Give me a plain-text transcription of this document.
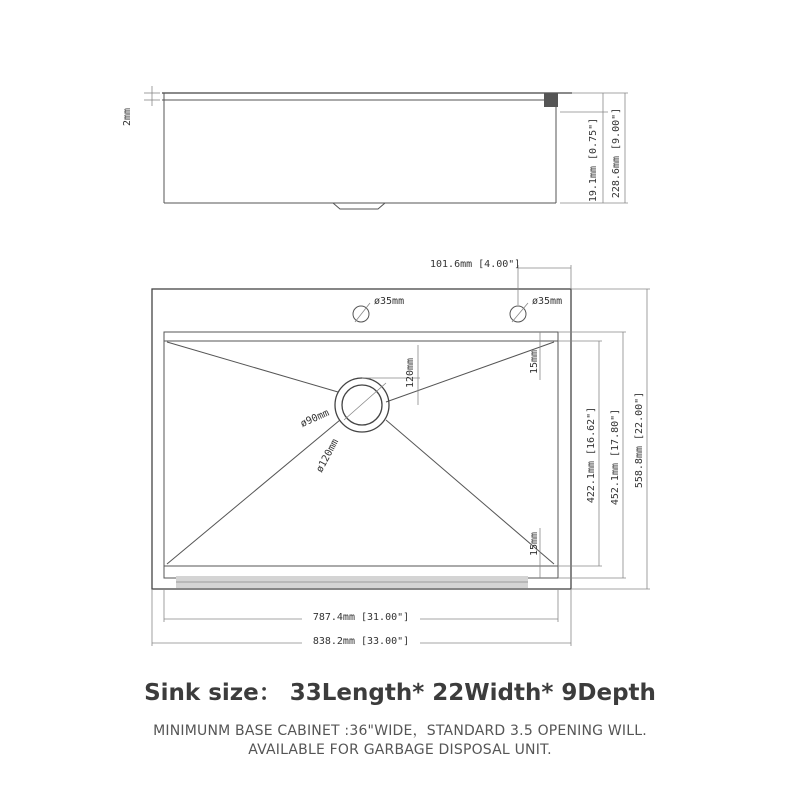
2mm
19.1mm [0.75"] 228.6mm [9.00"]
120mm
ø90mm
ø120mm
ø35mm	ø35mm
101.6mm [4.00"]
15mm
15mm
422.1mm [16.62"] 452.1mm [17.80"] 558.8mm [22.00"]
787.4mm [31.00"]
838.2mm [33.00"]
Sink size： 33Length* 22Width* 9Depth
MINIMUNM BASE CABINET :36"WIDE，STANDARD 3.5 OPENING WILL.
AVAILABLE FOR GARBAGE DISPOSAL UNIT.
